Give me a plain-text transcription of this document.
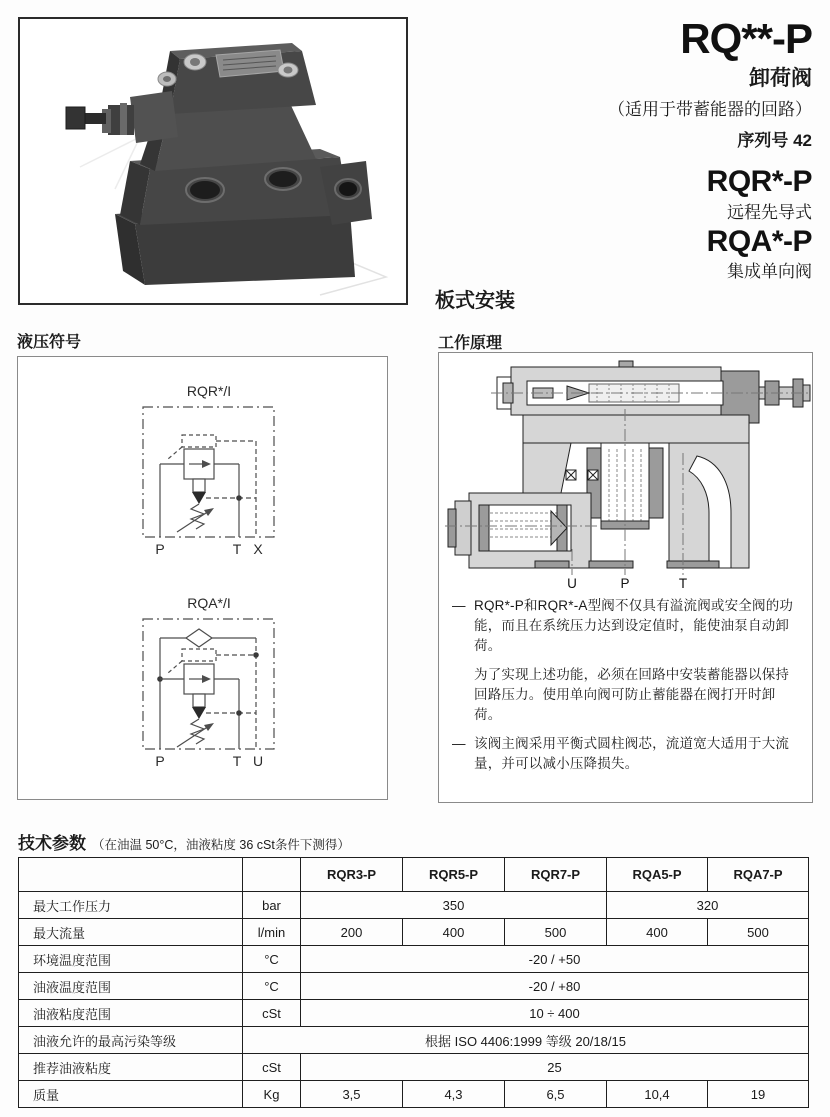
RQ**-P
卸荷阀
（适用于带蓄能器的回路）
序列号 42
RQR*-P
远程先导式
RQA*-P
集成单向阀
板式安装
液压符号
RQR*/I
P	T X
RQA*/I
P	T U
工作原理
U	P	T
— RQR*-P和RQR*-A型阀不仅具有溢流阀或安全阀的功能，而且在系统压力达到设定值时，能使油泵自动卸荷。
为了实现上述功能，必须在回路中安装蓄能器以保持回路压力。使用单向阀可防止蓄能器在阀打开时卸荷。
— 该阀主阀采用平衡式圆柱阀芯，流道宽大适用于大流量，并可以减小压降损失。
技术参数 （在油温 50°C，油液粘度 36 cSt条件下测得）
		RQR3-P	RQR5-P	RQR7-P	RQA5-P	RQA7-P
最大工作压力	bar	350			320	
最大流量	l/min	200	400	500	400	500
环境温度范围	°C	-20 / +50				
油液温度范围	°C	-20 / +80				
油液粘度范围	cSt	10 ÷ 400				
油液允许的最高污染等级	根据 ISO 4406:1999 等级 20/18/15					
推荐油液粘度	cSt	25				
质量	Kg	3,5	4,3	6,5	10,4	19
